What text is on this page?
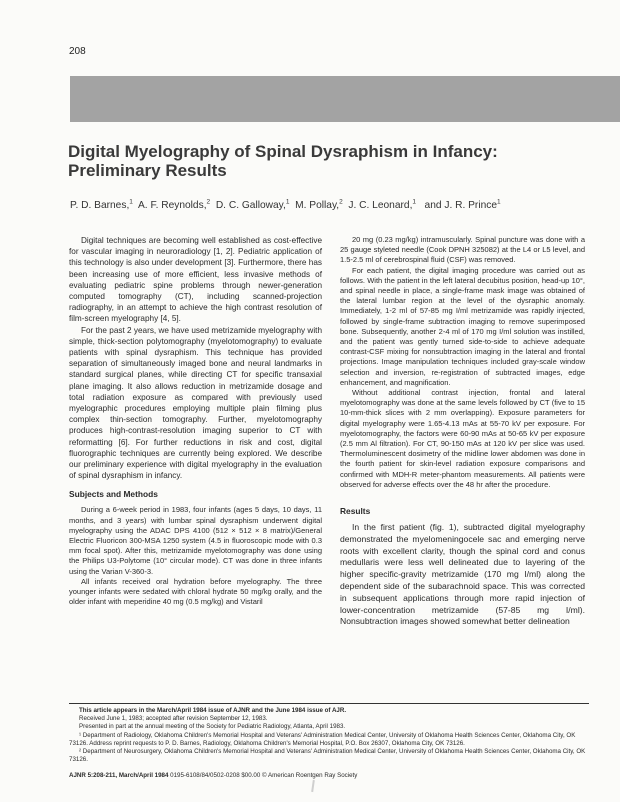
208
Digital Myelography of Spinal Dysraphism in Infancy: Preliminary Results
P. D. Barnes,$^1$ A. F. Reynolds,$^2$ D. C. Galloway,$^1$ M. Pollay,$^2$ J. C. Leonard,$^1$ and J. R. Prince$^1$

Digital techniques are becoming well established as cost-effective for vascular imaging in neuroradiology [1, 2]. Pediatric application of this technology is also under development [3]. Furthermore, there has been increasing use of more efficient, less invasive methods of evaluating pediatric spine problems through newer-generation computed tomography (CT), including scanned-projection radiography, in an attempt to achieve the high contrast resolution of film-screen myelography [4, 5].

For the past 2 years, we have used metrizamide myelography with simple, thick-section polytomography (myelotomography) to evaluate patients with spinal dysraphism. This technique has provided separation of simultaneously imaged bone and neural landmarks in standard surgical planes, while directing CT for specific transaxial plane imaging. It also allows reduction in metrizamide dosage and total radiation exposure as compared with previously used myelographic procedures employing multiple plain filming plus complex thin-section tomography. Further, myelotomography produces high-contrast-resolution imaging superior to CT with reformatting [6]. For further reductions in risk and cost, digital fluorographic techniques are currently being explored. We describe our preliminary experience with digital myelography in the evaluation of spinal dysraphism in infancy.

Subjects and Methods

During a 6-week period in 1983, four infants (ages 5 days, 10 days, 11 months, and 3 years) with lumbar spinal dysraphism underwent digital myelography using the ADAC DPS 4100 (512 × 512 × 8 matrix)/General Electric Fluoricon 300-MSA 1250 system (4.5 in fluoroscopic mode with 0.3 mm focal spot). After this, metrizamide myelotomography was done using the Philips U3-Polytome (10° circular mode). CT was done in three infants using the Varian V-360-3.

All infants received oral hydration before myelography. The three younger infants were sedated with chloral hydrate 50 mg/kg orally, and the older infant with meperidine 40 mg (0.5 mg/kg) and Vistaril

20 mg (0.23 mg/kg) intramuscularly. Spinal puncture was done with a 25 gauge styleted needle (Cook DPNH 325082) at the L4 or L5 level, and 1.5-2.5 ml of cerebrospinal fluid (CSF) was removed.

For each patient, the digital imaging procedure was carried out as follows. With the patient in the left lateral decubitus position, head-up 10°, and spinal needle in place, a single-frame mask image was obtained of the lateral lumbar region at the level of the dysraphic anomaly. Immediately, 1-2 ml of 57-85 mg I/ml metrizamide was rapidly injected, followed by single-frame subtraction imaging to remove superimposed bone. Subsequently, another 2-4 ml of 170 mg I/ml solution was instilled, and the patient was gently turned side-to-side to achieve adequate contrast-CSF mixing for nonsubtraction imaging in the lateral and frontal projections. Image manipulation techniques included gray-scale window selection and inversion, re-registration of subtracted images, edge enhancement, and magnification.

Without additional contrast injection, frontal and lateral myelotomography was done at the same levels followed by CT (five to 15 10-mm-thick slices with 2 mm overlapping). Exposure parameters for digital myelography were 1.65-4.13 mAs at 55-70 kV per exposure. For myelotomography, the factors were 60-90 mAs at 50-65 kV per exposure (2.5 mm Al filtration). For CT, 90-150 mAs at 120 kV per slice was used. Thermoluminescent dosimetry of the midline lower abdomen was done in the fourth patient for skin-level radiation exposure comparisons and confirmed with MDH-R meter-phantom measurements. All patients were observed for adverse effects over the 48 hr after the procedure.

Results

In the first patient (fig. 1), subtracted digital myelography demonstrated the myelomeningocele sac and emerging nerve roots with excellent clarity, though the spinal cord and conus medullaris were less well delineated due to layering of the higher specific-gravity metrizamide (170 mg I/ml) along the dependent side of the subarachnoid space. This was corrected in subsequent applications through more rapid injection of lower-concentration metrizamide (57-85 mg I/ml). Nonsubtraction images showed somewhat better delineation

This article appears in the March/April 1984 issue of AJNR and the June 1984 issue of AJR.
Received June 1, 1983; accepted after revision September 12, 1983.
Presented in part at the annual meeting of the Society for Pediatric Radiology, Atlanta, April 1983.
¹ Department of Radiology, Oklahoma Children's Memorial Hospital and Veterans' Administration Medical Center, University of Oklahoma Health Sciences Center, Oklahoma City, OK 73126. Address reprint requests to P. D. Barnes, Radiology, Oklahoma Children's Memorial Hospital, P.O. Box 26307, Oklahoma City, OK 73126.
² Department of Neurosurgery, Oklahoma Children's Memorial Hospital and Veterans' Administration Medical Center, University of Oklahoma Health Sciences Center, Oklahoma City, OK 73126.
AJNR 5:208-211, March/April 1984 0195-6108/84/0502-0208 $00.00 © American Roentgen Ray Society
